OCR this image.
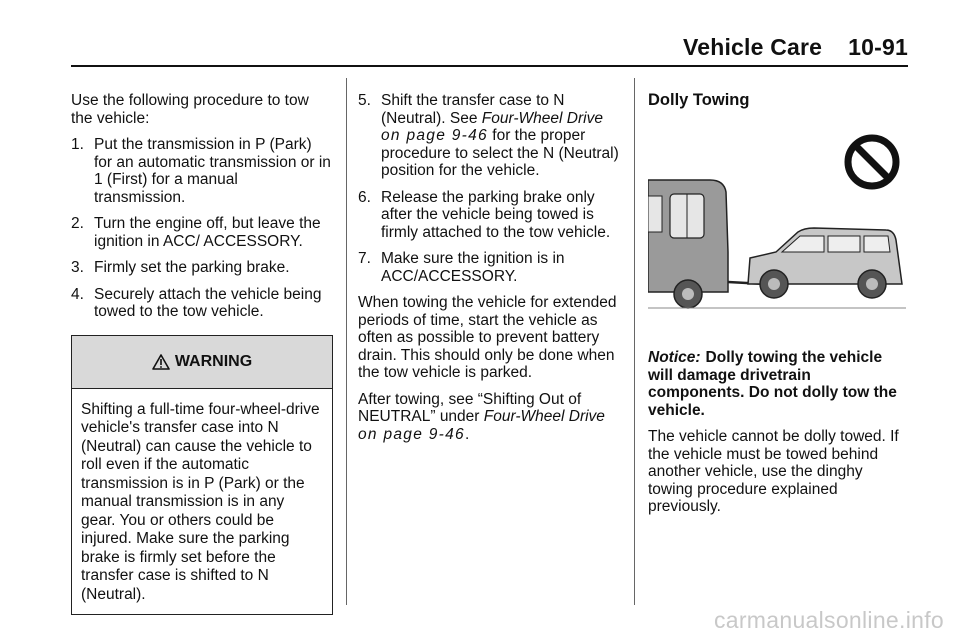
Vehicle Care 10-91

Use the following procedure to tow the vehicle:

1. Put the transmission in P (Park) for an automatic transmission or in 1 (First) for a manual transmission.
2. Turn the engine off, but leave the ignition in ACC/ ACCESSORY.
3. Firmly set the parking brake.
4. Securely attach the vehicle being towed to the tow vehicle.
WARNING
Shifting a full-time four-wheel-drive vehicle's transfer case into N (Neutral) can cause the vehicle to roll even if the automatic transmission is in P (Park) or the manual transmission is in any gear. You or others could be injured. Make sure the parking brake is firmly set before the transfer case is shifted to N (Neutral).
5. Shift the transfer case to N (Neutral). See Four-Wheel Drive on page 9-46 for the proper procedure to select the N (Neutral) position for the vehicle.
6. Release the parking brake only after the vehicle being towed is firmly attached to the tow vehicle.
7. Make sure the ignition is in ACC/ACCESSORY.

When towing the vehicle for extended periods of time, start the vehicle as often as possible to prevent battery drain. This should only be done when the tow vehicle is parked.

After towing, see “Shifting Out of NEUTRAL” under Four-Wheel Drive on page 9-46.

Dolly Towing

Notice: Dolly towing the vehicle will damage drivetrain components. Do not dolly tow the vehicle.

The vehicle cannot be dolly towed. If the vehicle must be towed behind another vehicle, use the dinghy towing procedure explained previously.

carmanualsonline.info
